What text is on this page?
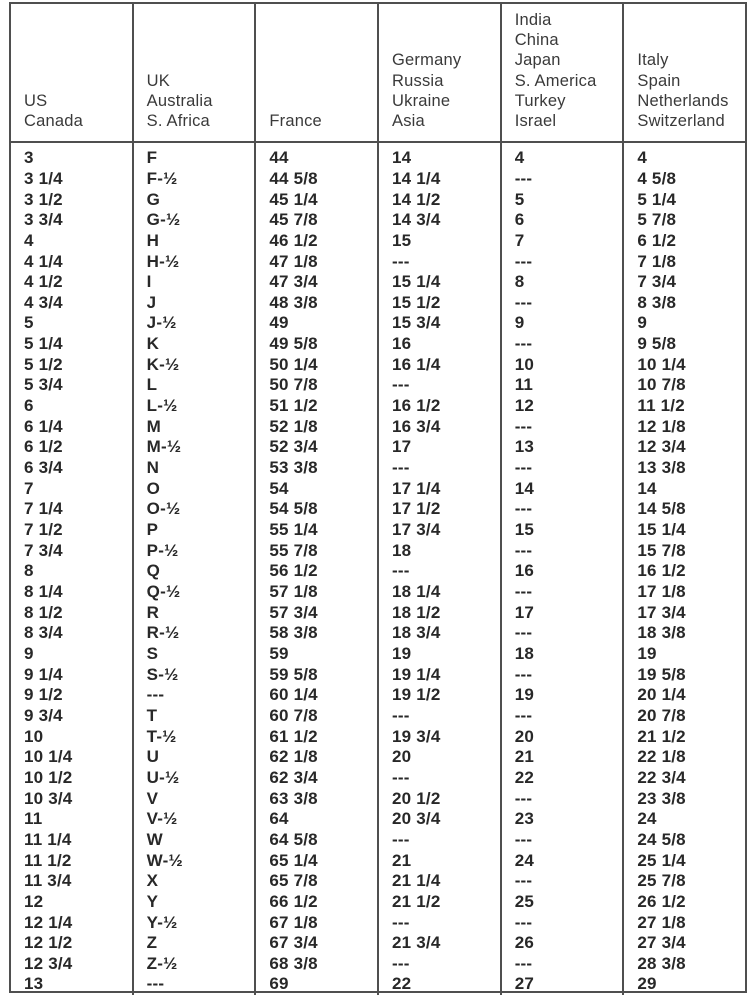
US
Canada
UK
Australia
S. Africa	France
Germany
Russia
Ukraine
Asia
India
China
Japan
S. America
Turkey
Israel
Italy
Spain
Netherlands
Switzerland
3
3 1/4
3 1/2
3 3/4
4
4 1/4
4 1/2
4 3/4
5
5 1/4
5 1/2
5 3/4
6
6 1/4
6 1/2
6 3/4
7
7 1/4
7 1/2
7 3/4
8
8 1/4
8 1/2
8 3/4
9
9 1/4
9 1/2
9 3/4
10
10 1/4
10 1/2
10 3/4
11
11 1/4
11 1/2
11 3/4
12
12 1/4
12 1/2
12 3/4
13
F
F-½
G
G-½
H
H-½
I
J
J-½
K
K-½
L
L-½
M
M-½
N
O
O-½
P
P-½
Q
Q-½
R
R-½
S
S-½
---
T
T-½
U
U-½
V
V-½
W
W-½
X
Y
Y-½
Z
Z-½
---
44
44 5/8
45 1/4
45 7/8
46 1/2
47 1/8
47 3/4
48 3/8
49
49 5/8
50 1/4
50 7/8
51 1/2
52 1/8
52 3/4
53 3/8
54
54 5/8
55 1/4
55 7/8
56 1/2
57 1/8
57 3/4
58 3/8
59
59 5/8
60 1/4
60 7/8
61 1/2
62 1/8
62 3/4
63 3/8
64
64 5/8
65 1/4
65 7/8
66 1/2
67 1/8
67 3/4
68 3/8
69
14
14 1/4
14 1/2
14 3/4
15
---
15 1/4
15 1/2
15 3/4
16
16 1/4
---
16 1/2
16 3/4
17
---
17 1/4
17 1/2
17 3/4
18
---
18 1/4
18 1/2
18 3/4
19
19 1/4
19 1/2
---
19 3/4
20
---
20 1/2
20 3/4
---
21
21 1/4
21 1/2
---
21 3/4
---
22
4
---
5
6
7
---
8
---
9
---
10
11
12
---
13
---
14
---
15
---
16
---
17
---
18
---
19
---
20
21
22
---
23
---
24
---
25
---
26
---
27
4
4 5/8
5 1/4
5 7/8
6 1/2
7 1/8
7 3/4
8 3/8
9
9 5/8
10 1/4
10 7/8
11 1/2
12 1/8
12 3/4
13 3/8
14
14 5/8
15 1/4
15 7/8
16 1/2
17 1/8
17 3/4
18 3/8
19
19 5/8
20 1/4
20 7/8
21 1/2
22 1/8
22 3/4
23 3/8
24
24 5/8
25 1/4
25 7/8
26 1/2
27 1/8
27 3/4
28 3/8
29
